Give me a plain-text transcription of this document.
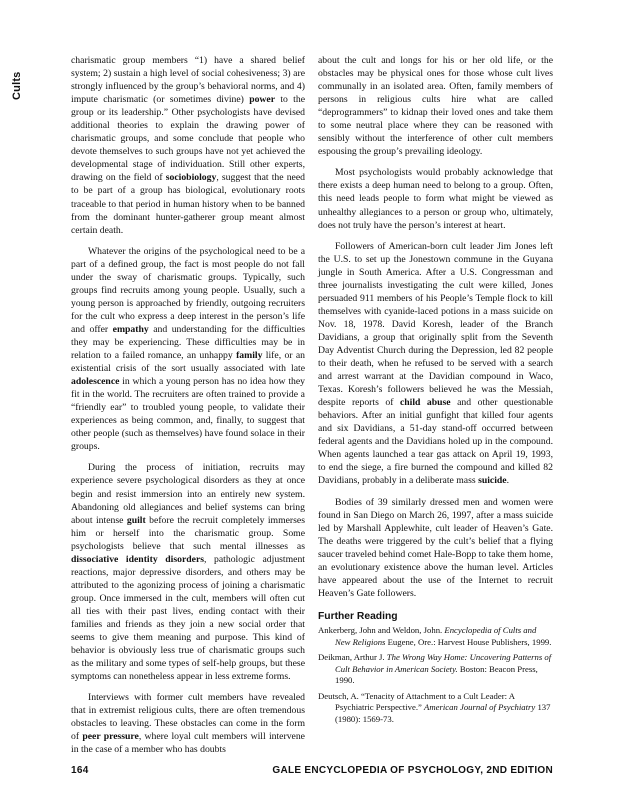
Cults

charismatic group members “1) have a shared belief system; 2) sustain a high level of social cohesiveness; 3) are strongly influenced by the group’s behavioral norms, and 4) impute charismatic (or sometimes divine) power to the group or its leadership.” Other psychologists have devised additional theories to explain the drawing power of charismatic groups, and some conclude that people who devote themselves to such groups have not yet achieved the developmental stage of individuation. Still other experts, drawing on the field of sociobiology, suggest that the need to be part of a group has biological, evolutionary roots traceable to that period in human history when to be banned from the dominant hunter-gatherer group meant almost certain death.

Whatever the origins of the psychological need to be a part of a defined group, the fact is most people do not fall under the sway of charismatic groups. Typically, such groups find recruits among young people. Usually, such a young person is approached by friendly, outgoing recruiters for the cult who express a deep interest in the person’s life and offer empathy and understanding for the difficulties they may be experiencing. These difficulties may be in relation to a failed romance, an unhappy family life, or an existential crisis of the sort usually associated with late adolescence in which a young person has no idea how they fit in the world. The recruiters are often trained to provide a “friendly ear” to troubled young people, to validate their experiences as being common, and, finally, to suggest that other people (such as themselves) have found solace in their groups.

During the process of initiation, recruits may experience severe psychological disorders as they at once begin and resist immersion into an entirely new system. Abandoning old allegiances and belief systems can bring about intense guilt before the recruit completely immerses him or herself into the charismatic group. Some psychologists believe that such mental illnesses as dissociative identity disorders, pathologic adjustment reactions, major depressive disorders, and others may be attributed to the agonizing process of joining a charismatic group. Once immersed in the cult, members will often cut all ties with their past lives, ending contact with their families and friends as they join a new social order that seems to give them meaning and purpose. This kind of behavior is obviously less true of charismatic groups such as the military and some types of self-help groups, but these symptoms can nonetheless appear in less extreme forms.

Interviews with former cult members have revealed that in extremist religious cults, there are often tremendous obstacles to leaving. These obstacles can come in the form of peer pressure, where loyal cult members will intervene in the case of a member who has doubts

about the cult and longs for his or her old life, or the obstacles may be physical ones for those whose cult lives communally in an isolated area. Often, family members of persons in religious cults hire what are called “deprogrammers” to kidnap their loved ones and take them to some neutral place where they can be reasoned with sensibly without the interference of other cult members espousing the group’s prevailing ideology.

Most psychologists would probably acknowledge that there exists a deep human need to belong to a group. Often, this need leads people to form what might be viewed as unhealthy allegiances to a person or group who, ultimately, does not truly have the person’s interest at heart.

Followers of American-born cult leader Jim Jones left the U.S. to set up the Jonestown commune in the Guyana jungle in South America. After a U.S. Congressman and three journalists investigating the cult were killed, Jones persuaded 911 members of his People’s Temple flock to kill themselves with cyanide-laced potions in a mass suicide on Nov. 18, 1978. David Koresh, leader of the Branch Davidians, a group that originally split from the Seventh Day Adventist Church during the Depression, led 82 people to their death, when he refused to be served with a search and arrest warrant at the Davidian compound in Waco, Texas. Koresh’s followers believed he was the Messiah, despite reports of child abuse and other questionable behaviors. After an initial gunfight that killed four agents and six Davidians, a 51-day stand-off occurred between federal agents and the Davidians holed up in the compound. When agents launched a tear gas attack on April 19, 1993, to end the siege, a fire burned the compound and killed 82 Davidians, probably in a deliberate mass suicide.

Bodies of 39 similarly dressed men and women were found in San Diego on March 26, 1997, after a mass suicide led by Marshall Applewhite, cult leader of Heaven’s Gate. The deaths were triggered by the cult’s belief that a flying saucer traveled behind comet Hale-Bopp to take them home, an evolutionary existence above the human level. Articles have appeared about the use of the Internet to recruit Heaven’s Gate followers.

Further Reading
Ankerberg, John and Weldon, John. Encyclopedia of Cults and New Religions Eugene, Ore.: Harvest House Publishers, 1999.
Deikman, Arthur J. The Wrong Way Home: Uncovering Patterns of Cult Behavior in American Society. Boston: Beacon Press, 1990.
Deutsch, A. “Tenacity of Attachment to a Cult Leader: A Psychiatric Perspective.” American Journal of Psychiatry 137 (1980): 1569-73.
164	GALE ENCYCLOPEDIA OF PSYCHOLOGY, 2ND EDITION
